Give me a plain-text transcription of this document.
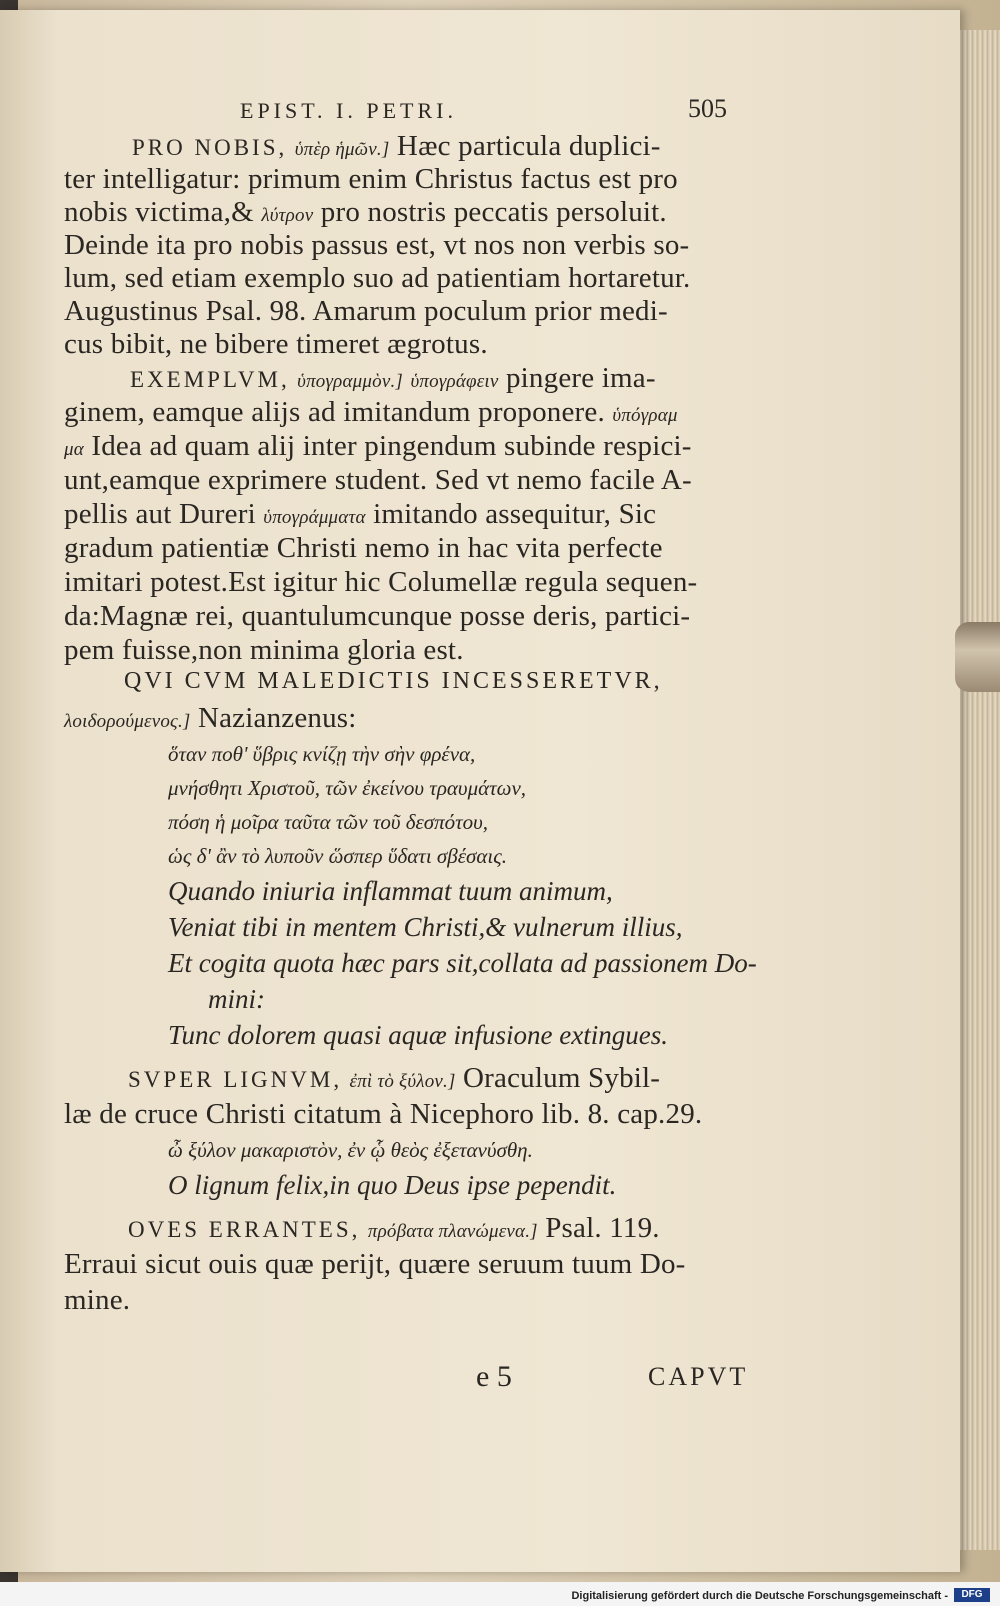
EPIST. I. PETRI.	505
PRO NOBIS, ὑπὲρ ἡμῶν.] Hæc particula duplici-
ter intelligatur: primum enim Christus factus est pro
nobis victima,& λύτρον pro nostris peccatis persoluit.
Deinde ita pro nobis passus est, vt nos non verbis so-
lum, sed etiam exemplo suo ad patientiam hortaretur.
Augustinus Psal. 98. Amarum poculum prior medi-
cus bibit, ne bibere timeret ægrotus.
EXEMPLVM, ὑπογραμμὸν.] ὑπογράφειν pingere ima-
ginem, eamque alijs ad imitandum proponere. ὑπόγραμ
μα Idea ad quam alij inter pingendum subinde respici-
unt,eamque exprimere student. Sed vt nemo facile A-
pellis aut Dureri ὑπογράμματα imitando assequitur, Sic
gradum patientiæ Christi nemo in hac vita perfecte
imitari potest.Est igitur hic Columellæ regula sequen-
da:Magnæ rei, quantulumcunque posse deris, partici-
pem fuisse,non minima gloria est.
QVI CVM MALEDICTIS INCESSERETVR,
λοιδορούμενος.] Nazianzenus:
ὅταν ποθ' ὕβρις κνίζῃ τὴν σὴν φρένα,
μνήσθητι Χριστοῦ, τῶν ἐκείνου τραυμάτων,
πόση ἡ μοῖρα ταῦτα τῶν τοῦ δεσπότου,
ὡς δ' ἂν τὸ λυποῦν ὥσπερ ὕδατι σβέσαις.
Quando iniuria inflammat tuum animum,
Veniat tibi in mentem Christi,& vulnerum illius,
Et cogita quota hæc pars sit,collata ad passionem Do-
mini:
Tunc dolorem quasi aquæ infusione extingues.
SVPER LIGNVM, ἐπὶ τὸ ξύλον.] Oraculum Sybil-
læ de cruce Christi citatum à Nicephoro lib. 8. cap.29.
ὦ ξύλον μακαριστὸν, ἐν ᾧ θεὸς ἐξετανύσθη.
O lignum felix,in quo Deus ipse pependit.
OVES ERRANTES, πρόβατα πλανώμενα.] Psal. 119.
Erraui sicut ouis quæ perijt, quære seruum tuum Do-
mine.
e 5	CAPVT
Digitalisierung gefördert durch die Deutsche Forschungsgemeinschaft -	DFG
